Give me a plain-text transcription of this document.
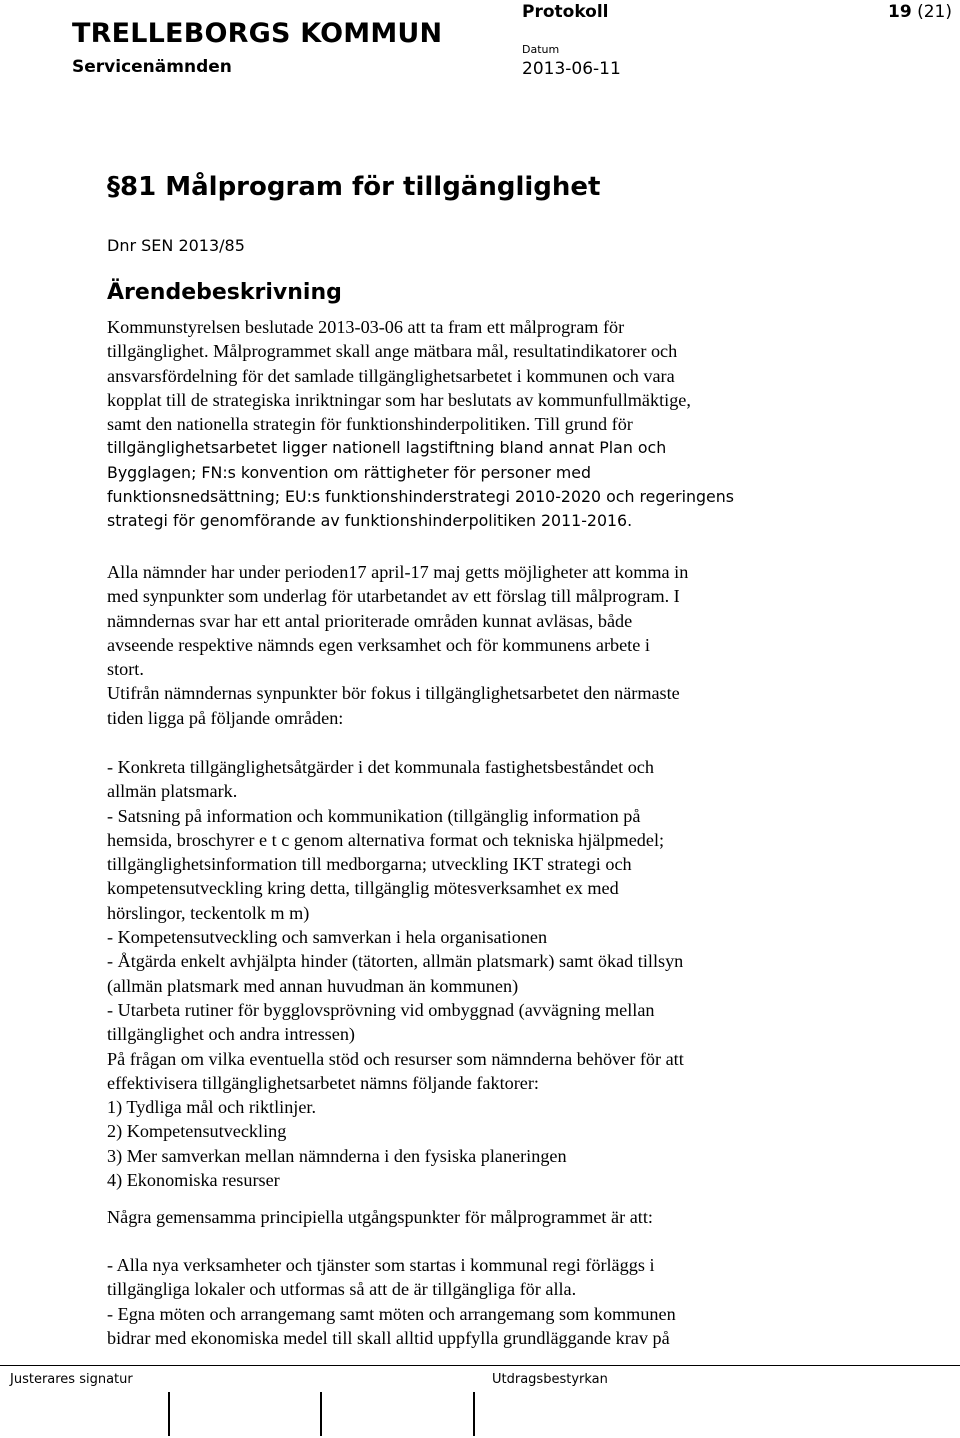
TRELLEBORGS KOMMUN
Servicenämnden
Protokoll
Datum
2013-06-11
19 (21)
§81 Målprogram för tillgänglighet
Dnr SEN 2013/85
Ärendebeskrivning
Kommunstyrelsen beslutade 2013-03-06 att ta fram ett målprogram för
tillgänglighet. Målprogrammet skall ange mätbara mål, resultatindikatorer och
ansvarsfördelning för det samlade tillgänglighetsarbetet i kommunen och vara
kopplat till de strategiska inriktningar som har beslutats av kommunfullmäktige,
samt den nationella strategin för funktionshinderpolitiken. Till grund för
tillgänglighetsarbetet ligger nationell lagstiftning bland annat Plan och
Bygglagen; FN:s konvention om rättigheter för personer med
funktionsnedsättning; EU:s funktionshinderstrategi 2010-2020 och regeringens
strategi för genomförande av funktionshinderpolitiken 2011-2016.
Alla nämnder har under perioden17 april-17 maj getts möjligheter att komma in
med synpunkter som underlag för utarbetandet av ett förslag till målprogram. I
nämndernas svar har ett antal prioriterade områden kunnat avläsas, både
avseende respektive nämnds egen verksamhet och för kommunens arbete i
stort.
Utifrån nämndernas synpunkter bör fokus i tillgänglighetsarbetet den närmaste
tiden ligga på följande områden:
- Konkreta tillgänglighetsåtgärder i det kommunala fastighetsbeståndet och
allmän platsmark.
- Satsning på information och kommunikation (tillgänglig information på
hemsida, broschyrer e t c genom alternativa format och tekniska hjälpmedel;
tillgänglighetsinformation till medborgarna; utveckling IKT strategi och
kompetensutveckling kring detta, tillgänglig mötesverksamhet ex med
hörslingor, teckentolk m m)
- Kompetensutveckling och samverkan i hela organisationen
- Åtgärda enkelt avhjälpta hinder (tätorten, allmän platsmark) samt ökad tillsyn
(allmän platsmark med annan huvudman än kommunen)
- Utarbeta rutiner för bygglovsprövning vid ombyggnad (avvägning mellan
tillgänglighet och andra intressen)
På frågan om vilka eventuella stöd och resurser som nämnderna behöver för att
effektivisera tillgänglighetsarbetet nämns följande faktorer:
1) Tydliga mål och riktlinjer.
2) Kompetensutveckling
3) Mer samverkan mellan nämnderna i den fysiska planeringen
4) Ekonomiska resurser
Några gemensamma principiella utgångspunkter för målprogrammet är att:
- Alla nya verksamheter och tjänster som startas i kommunal regi förläggs i
tillgängliga lokaler och utformas så att de är tillgängliga för alla.
- Egna möten och arrangemang samt möten och arrangemang som kommunen
bidrar med ekonomiska medel till skall alltid uppfylla grundläggande krav på
Justerares signatur	Utdragsbestyrkan
